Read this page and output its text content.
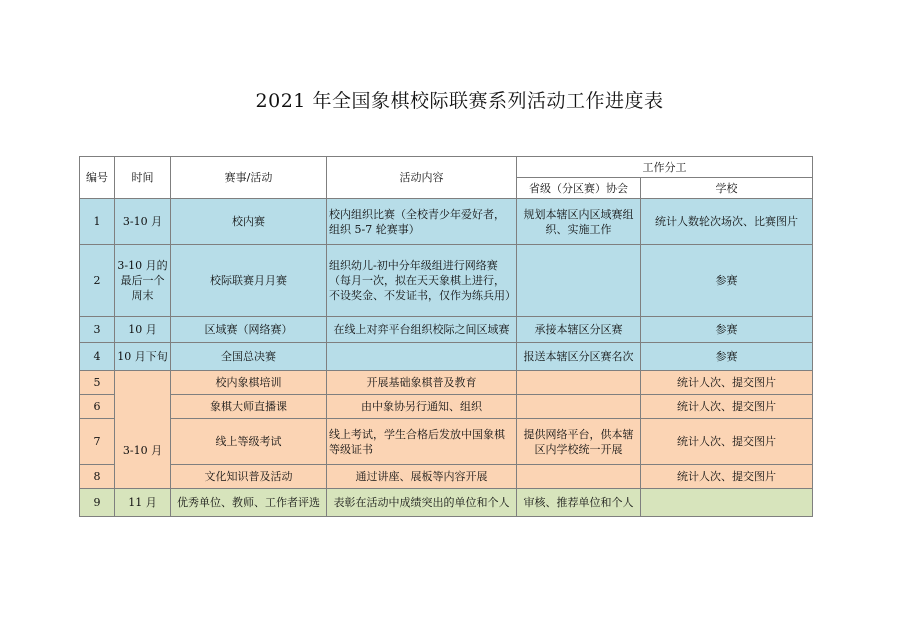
2021 年全国象棋校际联赛系列活动工作进度表
编号	时间	赛事/活动	活动内容	工作分工	
				省级（分区赛）协会	学校
1	3-10 月	校内赛	校内组织比赛（全校青少年爱好者，组织 5-7 轮赛事）	规划本辖区内区域赛组织、实施工作	统计人数轮次场次、比赛图片
2	3-10 月的最后一个周末	校际联赛月月赛	组织幼儿-初中分年级组进行网络赛
（每月一次，拟在天天象棋上进行，不设奖金、不发证书，仅作为练兵用）		参赛
3	10 月	区域赛（网络赛）	在线上对弈平台组织校际之间区域赛	承接本辖区分区赛	参赛
4	10 月下旬	全国总决赛		报送本辖区分区赛名次	参赛
5	3-10 月	校内象棋培训	开展基础象棋普及教育		统计人次、提交图片
6		象棋大师直播课	由中象协另行通知、组织		统计人次、提交图片
7		线上等级考试	线上考试，学生合格后发放中国象棋等级证书	提供网络平台，供本辖区内学校统一开展	统计人次、提交图片
8		文化知识普及活动	通过讲座、展板等内容开展		统计人次、提交图片
9	11 月	优秀单位、教师、工作者评选	表彰在活动中成绩突出的单位和个人	审核、推荐单位和个人	
